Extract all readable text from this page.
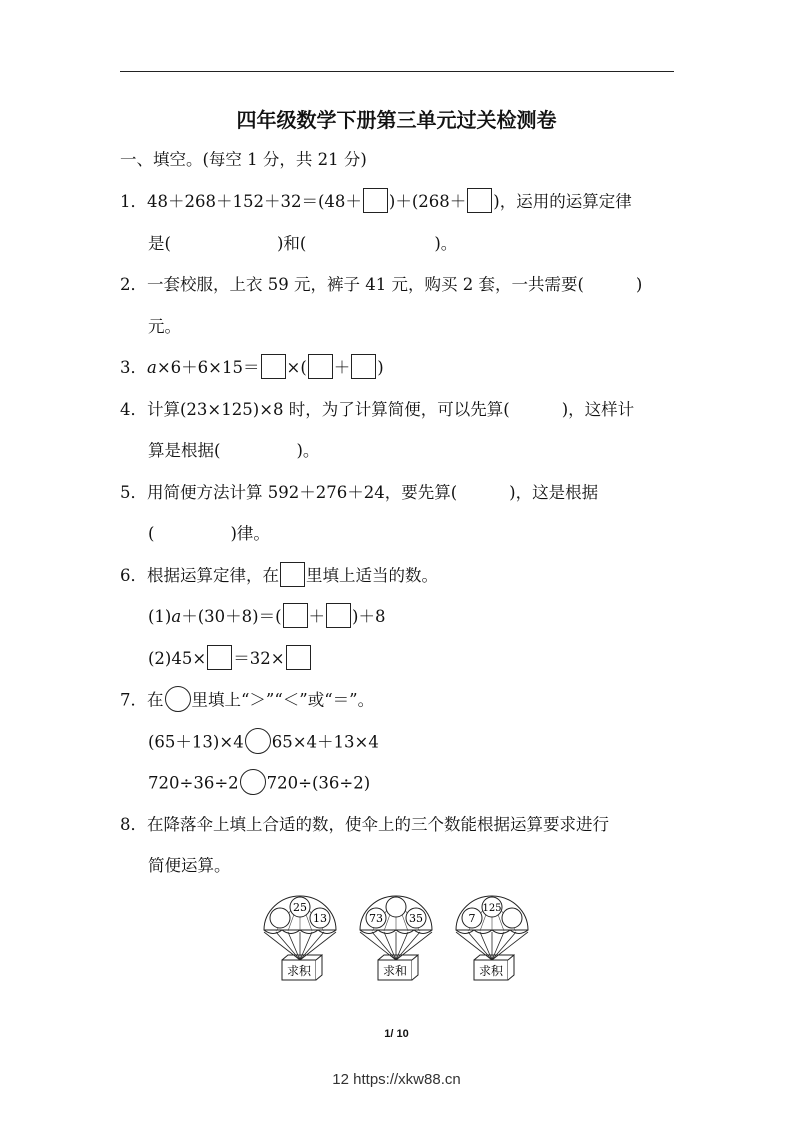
四年级数学下册第三单元过关检测卷
一、填空。(每空 1 分，共 21 分)
1．48＋268＋152＋32＝(48＋ )＋(268＋ )，运用的运算定律
是(	)和(	)。
2．一套校服，上衣 59 元，裤子 41 元，购买 2 套，一共需要(	)
元。
3．a×6＋6×15＝ ×( ＋ )
4．计算(23×125)×8 时，为了计算简便，可以先算(	)，这样计
算是根据(	)。
5．用简便方法计算 592＋276＋24，要先算(	)，这是根据
(	)律。
6．根据运算定律，在 里填上适当的数。
(1)a＋(30＋8)＝( ＋ )＋8
(2)45× ＝32×
7．在 里填上“＞”“＜”或“＝”。
(65＋13)×4 65×4＋13×4
720÷36÷2 720÷(36÷2)
8．在降落伞上填上合适的数，使伞上的三个数能根据运算要求进行
简便运算。
25
13
求积
73 35
求和
125
7
求积
1/ 10
12 https://xkw88.cn
